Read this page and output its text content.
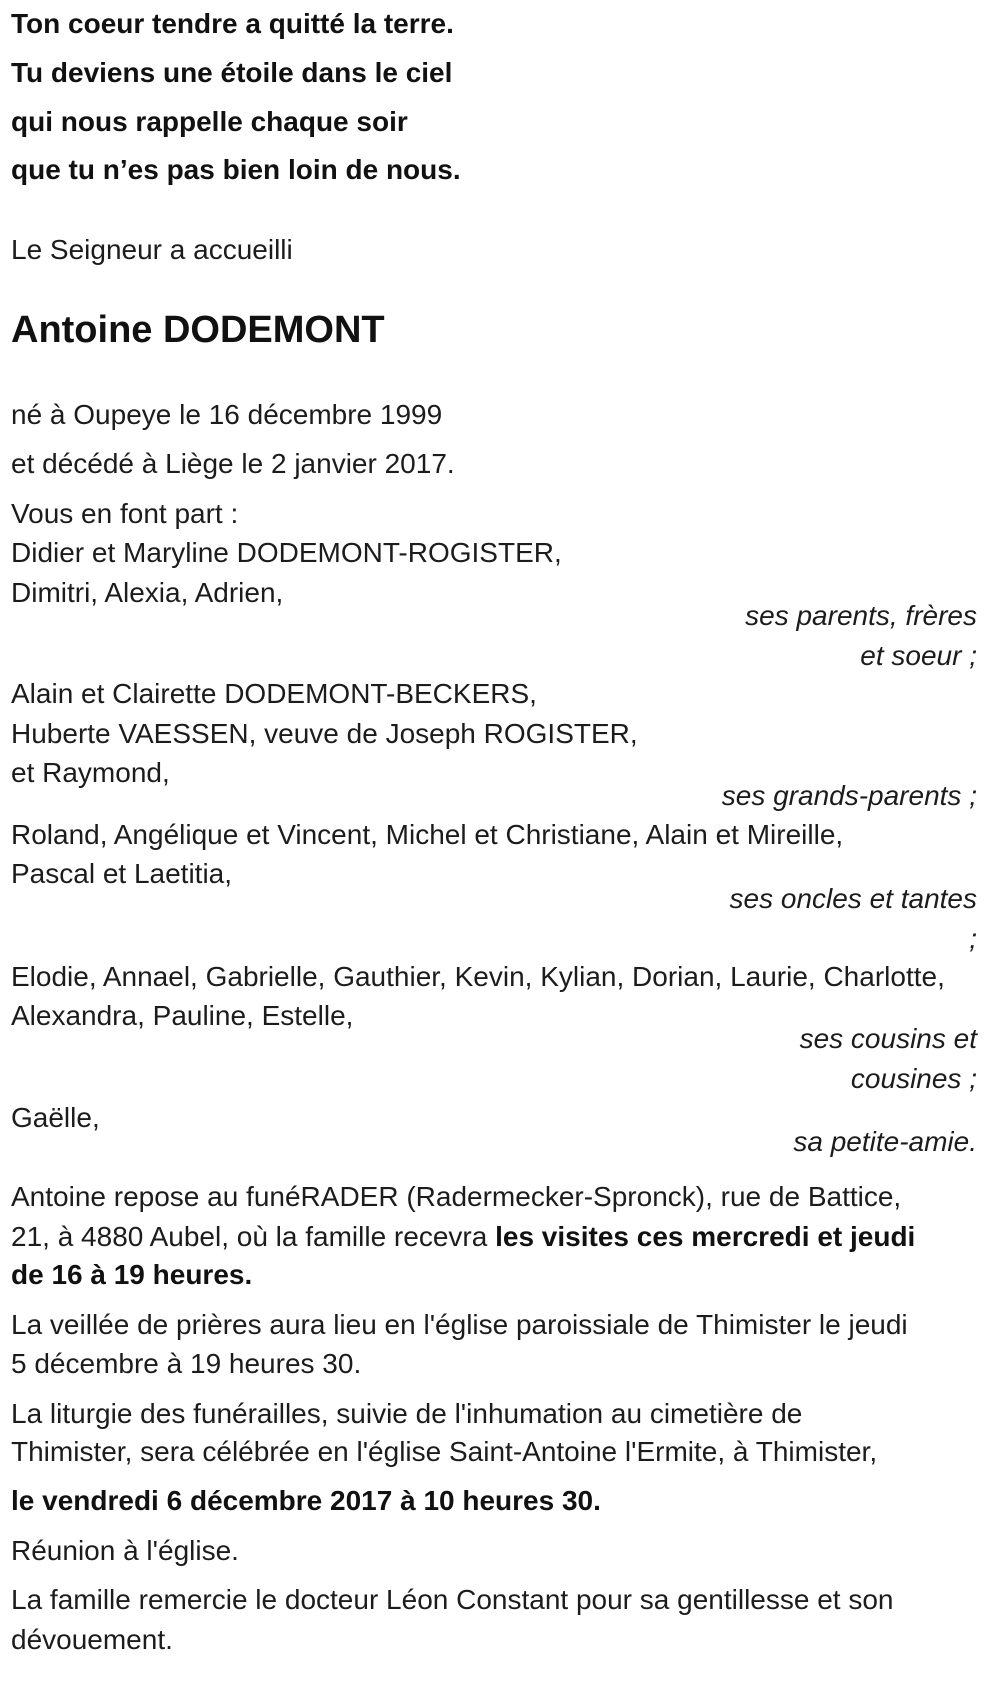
Ton coeur tendre a quitté la terre.
Tu deviens une étoile dans le ciel
qui nous rappelle chaque soir
que tu n’es pas bien loin de nous.
Le Seigneur a accueilli
Antoine DODEMONT
né à Oupeye le 16 décembre 1999
et décédé à Liège le 2 janvier 2017.
Vous en font part :
Didier et Maryline DODEMONT-ROGISTER,
Dimitri, Alexia, Adrien,
ses parents, frères
et soeur ;
Alain et Clairette DODEMONT-BECKERS,
Huberte VAESSEN, veuve de Joseph ROGISTER,
et Raymond,
ses grands-parents ;
Roland, Angélique et Vincent, Michel et Christiane, Alain et Mireille,
Pascal et Laetitia,
ses oncles et tantes
;
Elodie, Annael, Gabrielle, Gauthier, Kevin, Kylian, Dorian, Laurie, Charlotte,
Alexandra, Pauline, Estelle,
ses cousins et
cousines ;
Gaëlle,
sa petite-amie.
Antoine repose au funéRADER (Radermecker-Spronck), rue de Battice,
21, à 4880 Aubel, où la famille recevra les visites ces mercredi et jeudi
de 16 à 19 heures.
La veillée de prières aura lieu en l'église paroissiale de Thimister le jeudi
5 décembre à 19 heures 30.
La liturgie des funérailles, suivie de l'inhumation au cimetière de
Thimister, sera célébrée en l'église Saint-Antoine l'Ermite, à Thimister,
le vendredi 6 décembre 2017 à 10 heures 30.
Réunion à l'église.
La famille remercie le docteur Léon Constant pour sa gentillesse et son
dévouement.
